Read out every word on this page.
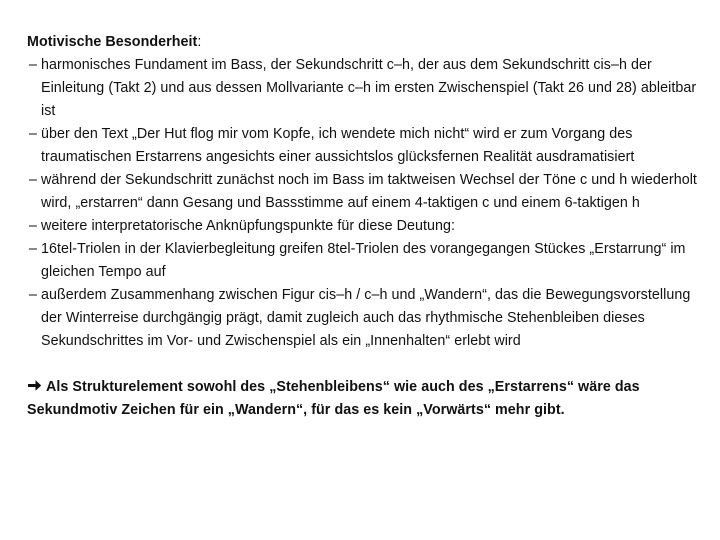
Motivische Besonderheit:

– harmonisches Fundament im Bass, der Sekundschritt c–h, der aus dem Sekundschritt cis–h der Einleitung (Takt 2) und aus dessen Mollvariante c–h im ersten Zwischenspiel (Takt 26 und 28) ableitbar ist
– über den Text „Der Hut flog mir vom Kopfe, ich wendete mich nicht“ wird er zum Vorgang des traumatischen Erstarrens angesichts einer aussichtslos glücksfernen Realität ausdramatisiert
– während der Sekundschritt zunächst noch im Bass im taktweisen Wechsel der Töne c und h wiederholt wird, „erstarren“ dann Gesang und Bassstimme auf einem 4-taktigen c und einem 6-taktigen h
– weitere interpretatorische Anknüpfungspunkte für diese Deutung:
– 16tel-Triolen in der Klavierbegleitung greifen 8tel-Triolen des vorangegangen Stückes „Erstarrung“ im gleichen Tempo auf
– außerdem Zusammenhang zwischen Figur cis–h / c–h und „Wandern“, das die Bewegungsvorstellung der Winterreise durchgängig prägt, damit zugleich auch das rhythmische Stehenbleiben dieses Sekundschrittes im Vor- und Zwischenspiel als ein „Innenhalten“ erlebt wird

Als Strukturelement sowohl des „Stehenbleibens“ wie auch des „Erstarrens“ wäre das Sekundmotiv Zeichen für ein „Wandern“, für das es kein „Vorwärts“ mehr gibt.
